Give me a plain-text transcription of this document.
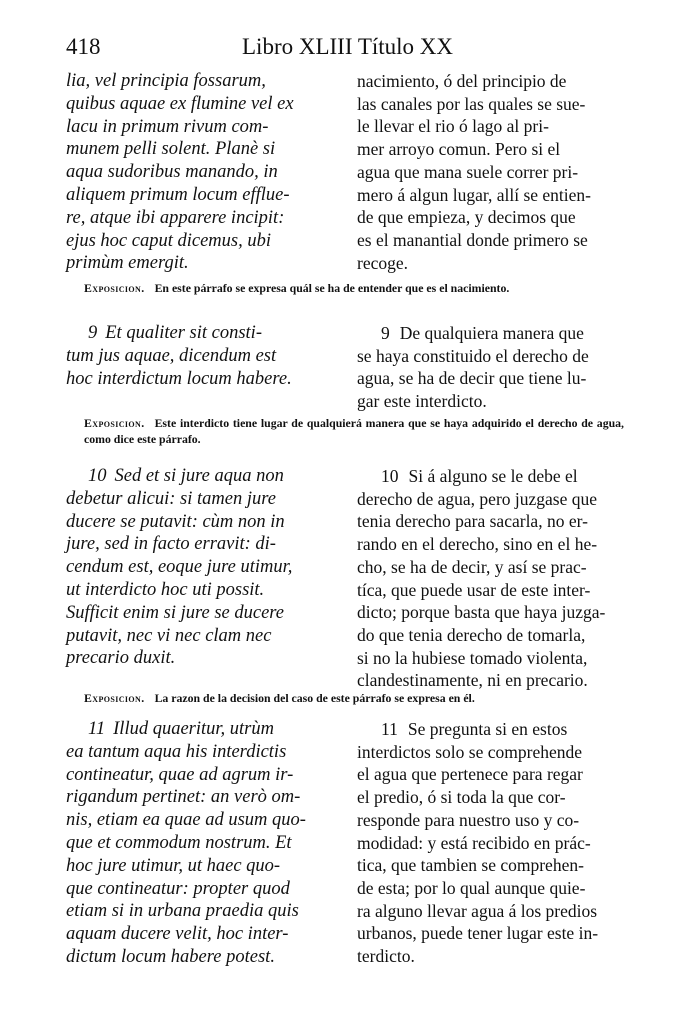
418	Libro XLIII Título XX
lia, vel principia fossarum,
quibus aquae ex flumine vel ex
lacu in primum rivum com-
munem pelli solent. Planè si
aqua sudoribus manando, in
aliquem primum locum efflue-
re, atque ibi apparere incipit:
ejus hoc caput dicemus, ubi
primùm emergit.
nacimiento, ó del principio de
las canales por las quales se sue-
le llevar el rio ó lago al pri-
mer arroyo comun. Pero si el
agua que mana suele correr pri-
mero á algun lugar, allí se entien-
de que empieza, y decimos que
es el manantial donde primero se
recoge.
Exposicion. En este párrafo se expresa quál se ha de entender que es el nacimiento.
9 Et qualiter sit consti-
tum jus aquae, dicendum est
hoc interdictum locum habere.
9 De qualquiera manera que
se haya constituido el derecho de
agua, se ha de decir que tiene lu-
gar este interdicto.
Exposicion. Este interdicto tiene lugar de qualquierá manera que se haya adquirido el derecho de agua, como dice este párrafo.
10 Sed et si jure aqua non
debetur alicui: si tamen jure
ducere se putavit: cùm non in
jure, sed in facto erravit: di-
cendum est, eoque jure utimur,
ut interdicto hoc uti possit.
Sufficit enim si jure se ducere
putavit, nec vi nec clam nec
precario duxit.
10 Si á alguno se le debe el
derecho de agua, pero juzgase que
tenia derecho para sacarla, no er-
rando en el derecho, sino en el he-
cho, se ha de decir, y así se prac-
tíca, que puede usar de este inter-
dicto; porque basta que haya juzga-
do que tenia derecho de tomarla,
si no la hubiese tomado violenta,
clandestinamente, ni en precario.
Exposicion. La razon de la decision del caso de este párrafo se expresa en él.
11 Illud quaeritur, utrùm
ea tantum aqua his interdictis
contineatur, quae ad agrum ir-
rigandum pertinet: an verò om-
nis, etiam ea quae ad usum quo-
que et commodum nostrum. Et
hoc jure utimur, ut haec quo-
que contineatur: propter quod
etiam si in urbana praedia quis
aquam ducere velit, hoc inter-
dictum locum habere potest.
11 Se pregunta si en estos
interdictos solo se comprehende
el agua que pertenece para regar
el predio, ó si toda la que cor-
responde para nuestro uso y co-
modidad: y está recibido en prác-
tica, que tambien se comprehen-
de esta; por lo qual aunque quie-
ra alguno llevar agua á los predios
urbanos, puede tener lugar este in-
terdicto.
